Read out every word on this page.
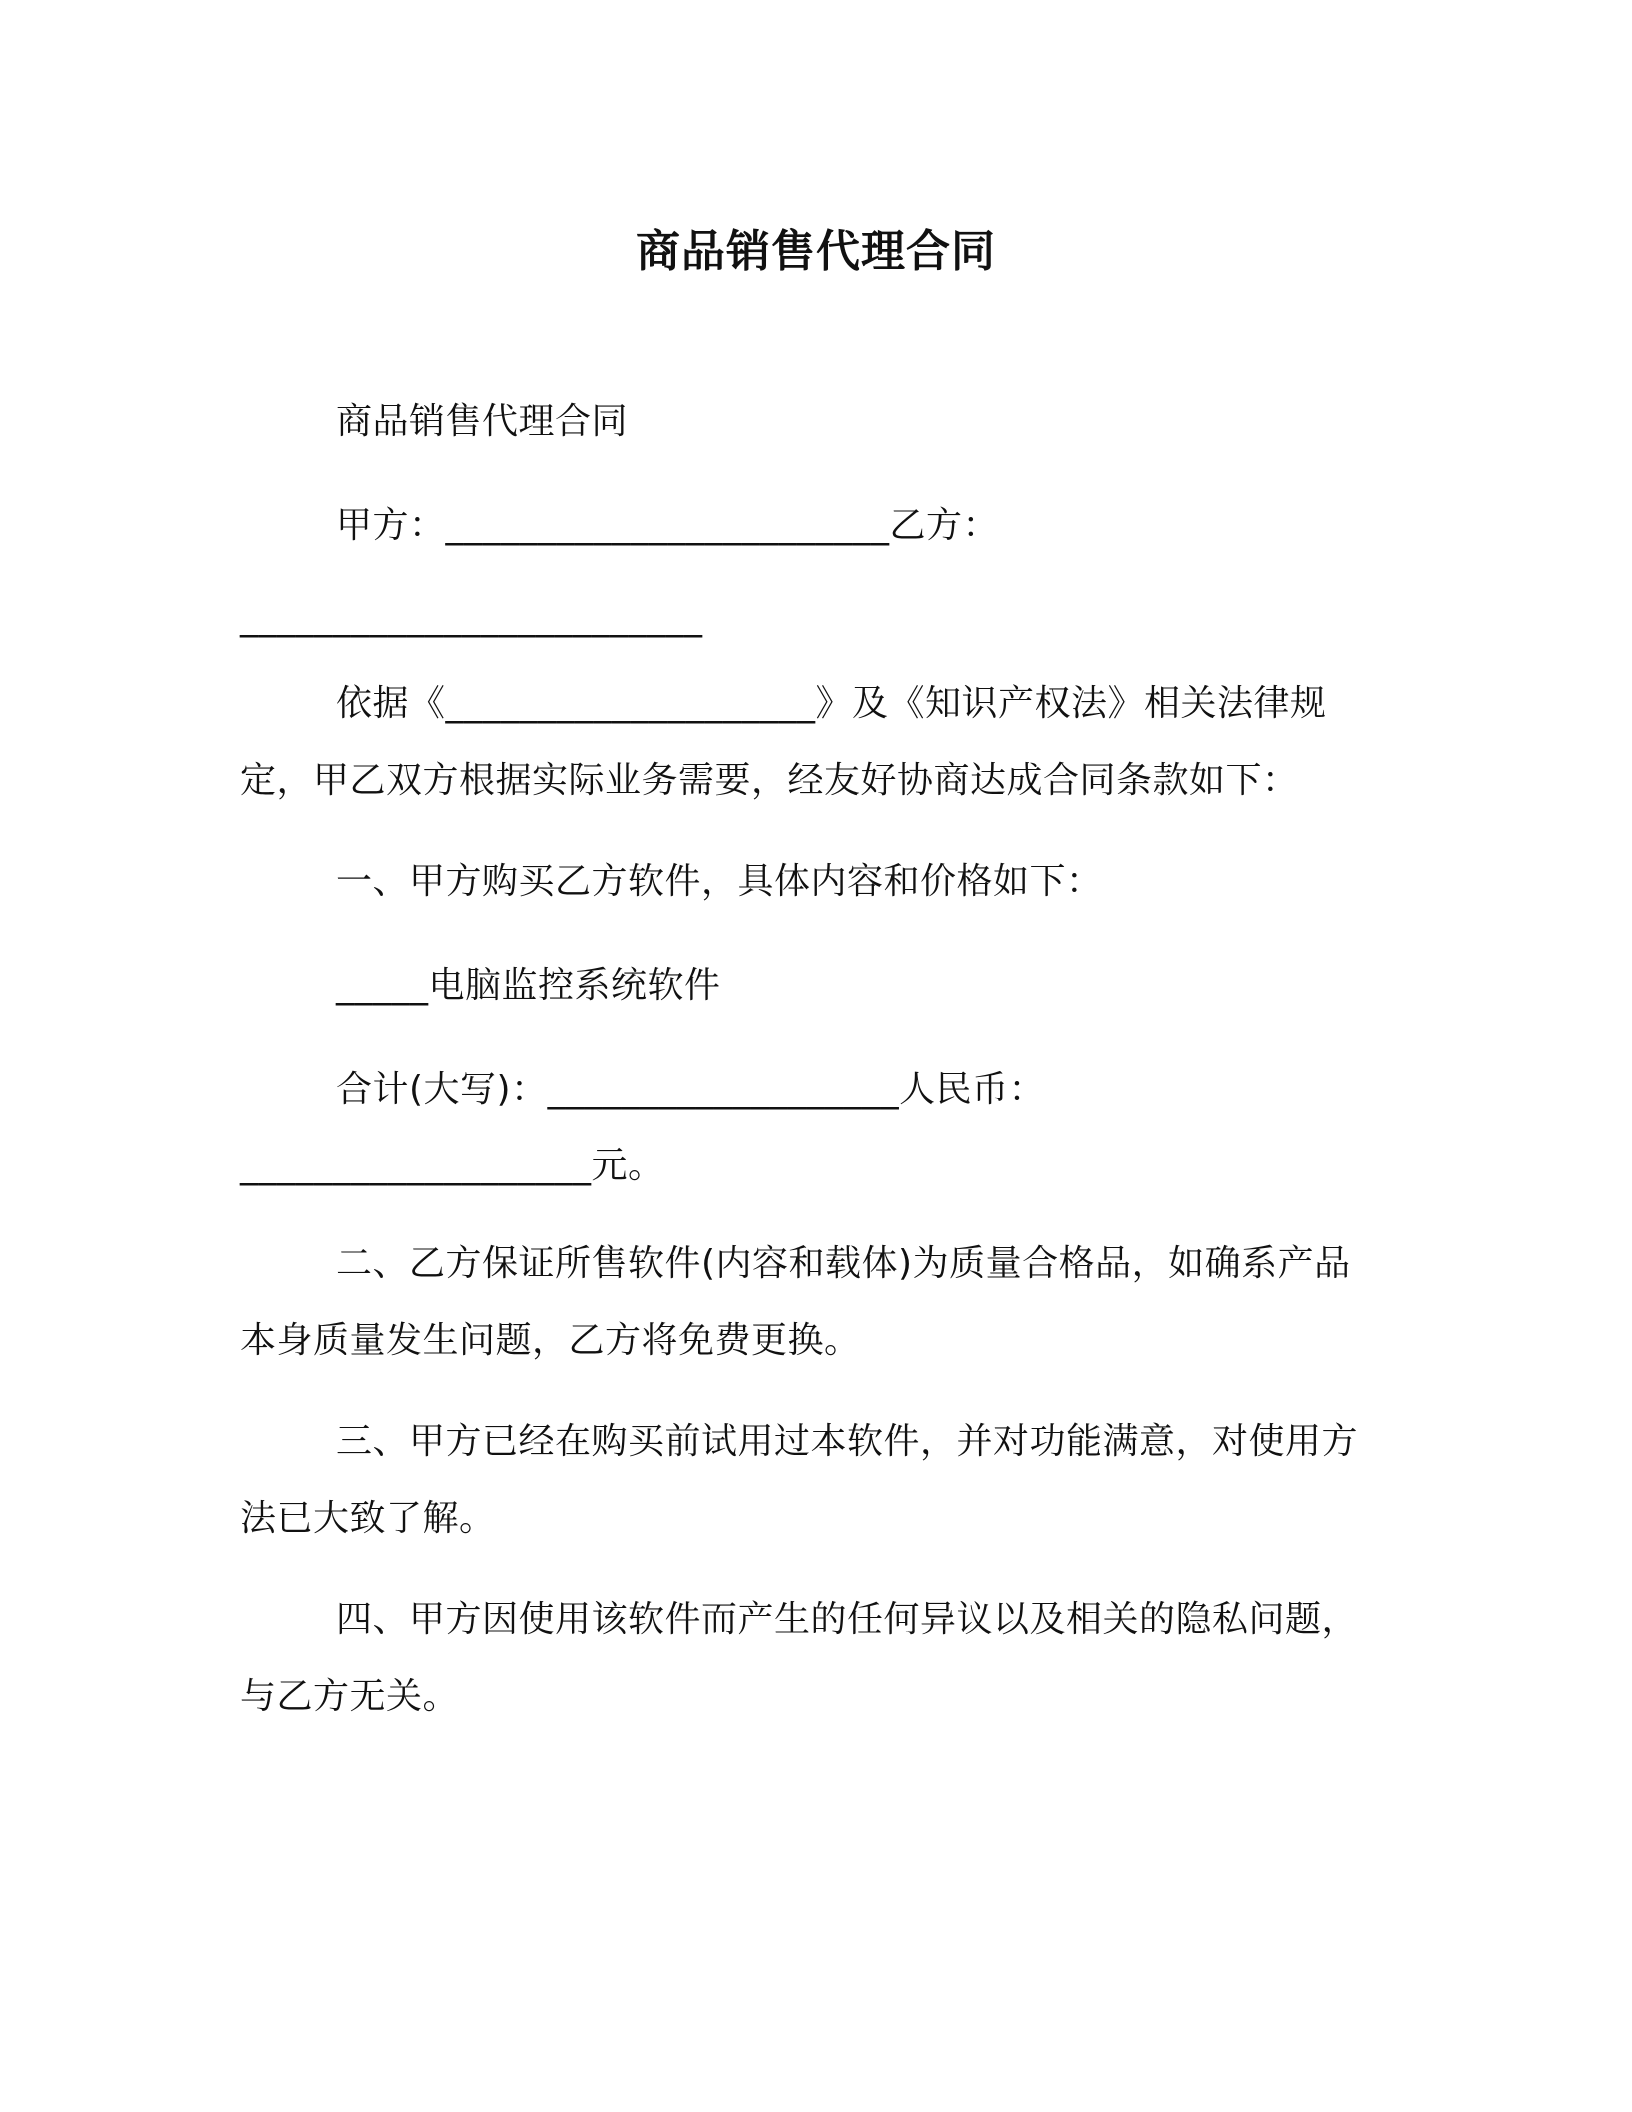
商品销售代理合同
商品销售代理合同
甲方：________________________乙方：
_________________________
依据《____________________》及《知识产权法》相关法律规
定，甲乙双方根据实际业务需要，经友好协商达成合同条款如下：
一、甲方购买乙方软件，具体内容和价格如下：
_____电脑监控系统软件
合计(大写)：___________________人民币：
___________________元。
二、乙方保证所售软件(内容和载体)为质量合格品，如确系产品
本身质量发生问题，乙方将免费更换。
三、甲方已经在购买前试用过本软件，并对功能满意，对使用方
法已大致了解。
四、甲方因使用该软件而产生的任何异议以及相关的隐私问题，
与乙方无关。
